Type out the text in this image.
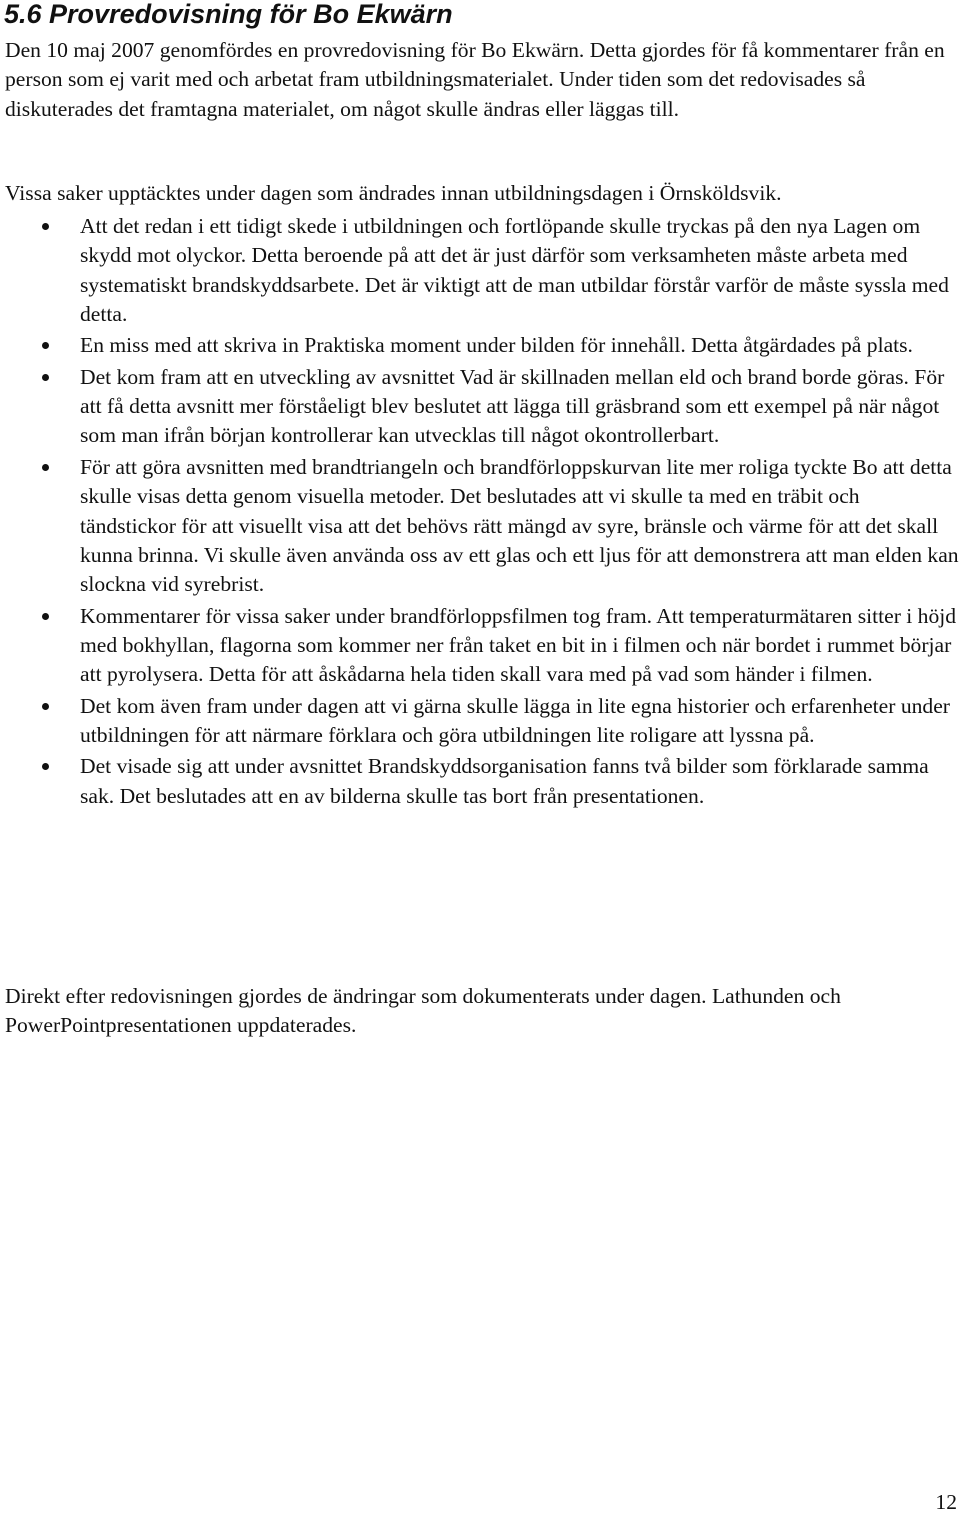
5.6 Provredovisning för Bo Ekwärn

Den 10 maj 2007 genomfördes en provredovisning för Bo Ekwärn. Detta gjordes för få kommentarer från en person som ej varit med och arbetat fram utbildningsmaterialet. Under tiden som det redovisades så diskuterades det framtagna materialet, om något skulle ändras eller läggas till.

Vissa saker upptäcktes under dagen som ändrades innan utbildningsdagen i Örnsköldsvik.

Att det redan i ett tidigt skede i utbildningen och fortlöpande skulle tryckas på den nya Lagen om skydd mot olyckor. Detta beroende på att det är just därför som verksamheten måste arbeta med systematiskt brandskyddsarbete. Det är viktigt att de man utbildar förstår varför de måste syssla med detta.
En miss med att skriva in Praktiska moment under bilden för innehåll. Detta åtgärdades på plats.
Det kom fram att en utveckling av avsnittet Vad är skillnaden mellan eld och brand borde göras. För att få detta avsnitt mer förståeligt blev beslutet att lägga till gräsbrand som ett exempel på när något som man ifrån början kontrollerar kan utvecklas till något okontrollerbart.
För att göra avsnitten med brandtriangeln och brandförloppskurvan lite mer roliga tyckte Bo att detta skulle visas detta genom visuella metoder. Det beslutades att vi skulle ta med en träbit och tändstickor för att visuellt visa att det behövs rätt mängd av syre, bränsle och värme för att det skall kunna brinna. Vi skulle även använda oss av ett glas och ett ljus för att demonstrera att man elden kan slockna vid syrebrist.
Kommentarer för vissa saker under brandförloppsfilmen tog fram. Att temperaturmätaren sitter i höjd med bokhyllan, flagorna som kommer ner från taket en bit in i filmen och när bordet i rummet börjar att pyrolysera. Detta för att åskådarna hela tiden skall vara med på vad som händer i filmen.
Det kom även fram under dagen att vi gärna skulle lägga in lite egna historier och erfarenheter under utbildningen för att närmare förklara och göra utbildningen lite roligare att lyssna på.
Det visade sig att under avsnittet Brandskyddsorganisation fanns två bilder som förklarade samma sak. Det beslutades att en av bilderna skulle tas bort från presentationen.

Direkt efter redovisningen gjordes de ändringar som dokumenterats under dagen. Lathunden och PowerPointpresentationen uppdaterades.

12
